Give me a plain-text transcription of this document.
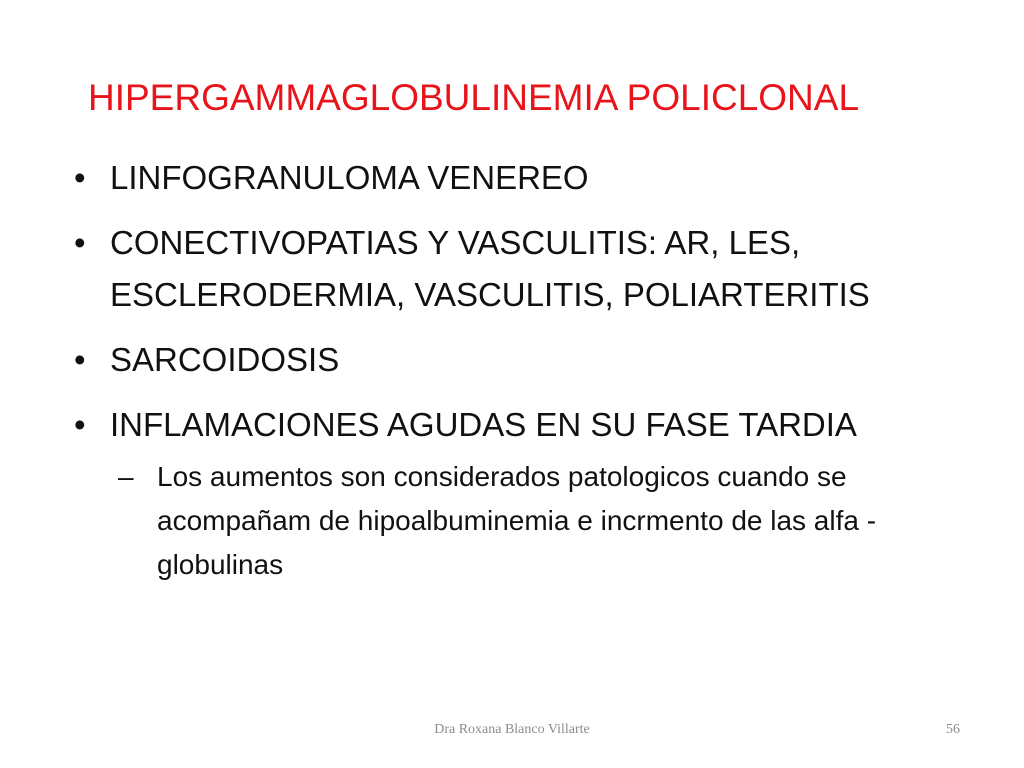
HIPERGAMMAGLOBULINEMIA POLICLONAL
• LINFOGRANULOMA VENEREO
• CONECTIVOPATIAS Y VASCULITIS: AR, LES, ESCLERODERMIA, VASCULITIS, POLIARTERITIS
• SARCOIDOSIS
• INFLAMACIONES AGUDAS EN SU FASE TARDIA
– Los aumentos son considerados patologicos cuando se acompañam de hipoalbuminemia e incrmento de las alfa - globulinas
Dra Roxana Blanco Villarte	56
